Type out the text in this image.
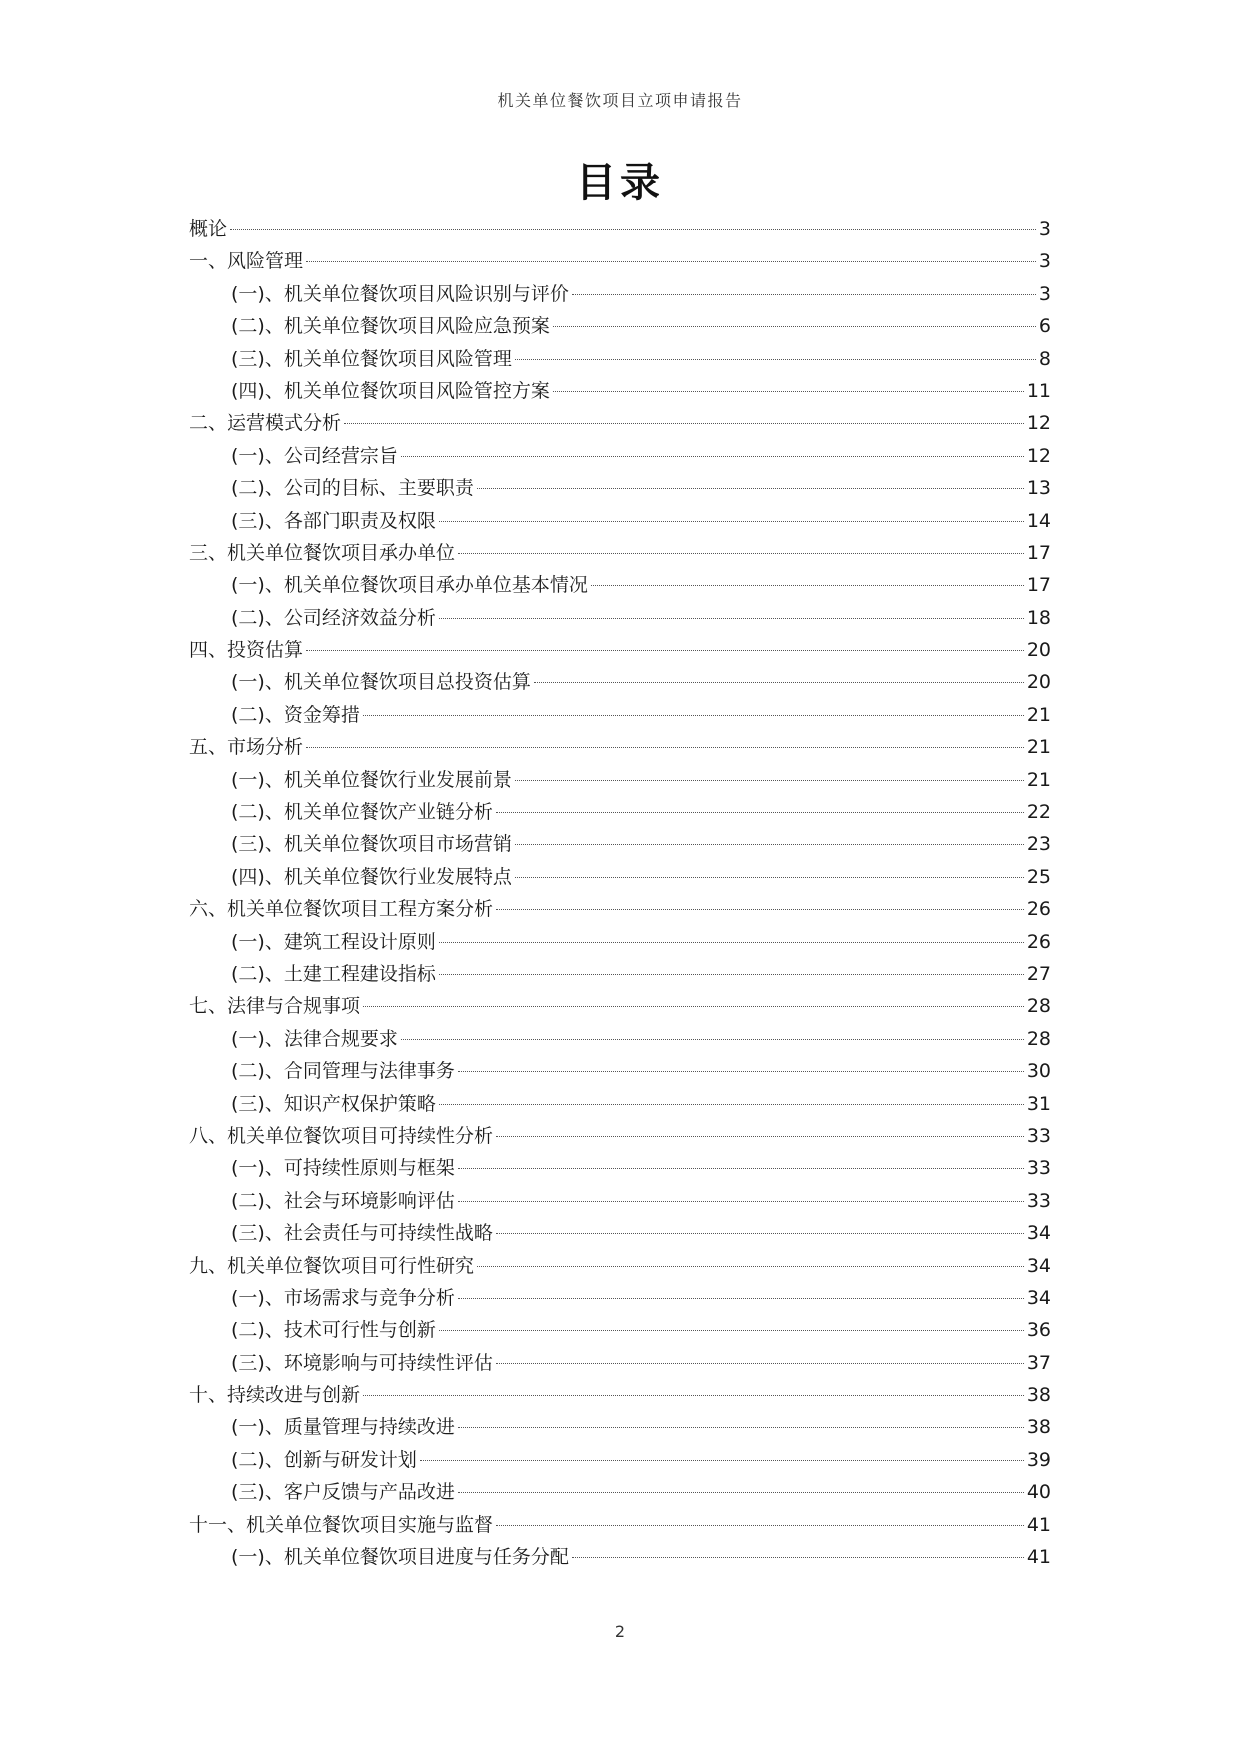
机关单位餐饮项目立项申请报告
目录
概论	3
一、风险管理	3
(一)、机关单位餐饮项目风险识别与评价	3
(二)、机关单位餐饮项目风险应急预案	6
(三)、机关单位餐饮项目风险管理	8
(四)、机关单位餐饮项目风险管控方案	11
二、运营模式分析	12
(一)、公司经营宗旨	12
(二)、公司的目标、主要职责	13
(三)、各部门职责及权限	14
三、机关单位餐饮项目承办单位	17
(一)、机关单位餐饮项目承办单位基本情况	17
(二)、公司经济效益分析	18
四、投资估算	20
(一)、机关单位餐饮项目总投资估算	20
(二)、资金筹措	21
五、市场分析	21
(一)、机关单位餐饮行业发展前景	21
(二)、机关单位餐饮产业链分析	22
(三)、机关单位餐饮项目市场营销	23
(四)、机关单位餐饮行业发展特点	25
六、机关单位餐饮项目工程方案分析	26
(一)、建筑工程设计原则	26
(二)、土建工程建设指标	27
七、法律与合规事项	28
(一)、法律合规要求	28
(二)、合同管理与法律事务	30
(三)、知识产权保护策略	31
八、机关单位餐饮项目可持续性分析	33
(一)、可持续性原则与框架	33
(二)、社会与环境影响评估	33
(三)、社会责任与可持续性战略	34
九、机关单位餐饮项目可行性研究	34
(一)、市场需求与竞争分析	34
(二)、技术可行性与创新	36
(三)、环境影响与可持续性评估	37
十、持续改进与创新	38
(一)、质量管理与持续改进	38
(二)、创新与研发计划	39
(三)、客户反馈与产品改进	40
十一、机关单位餐饮项目实施与监督	41
(一)、机关单位餐饮项目进度与任务分配	41
2
